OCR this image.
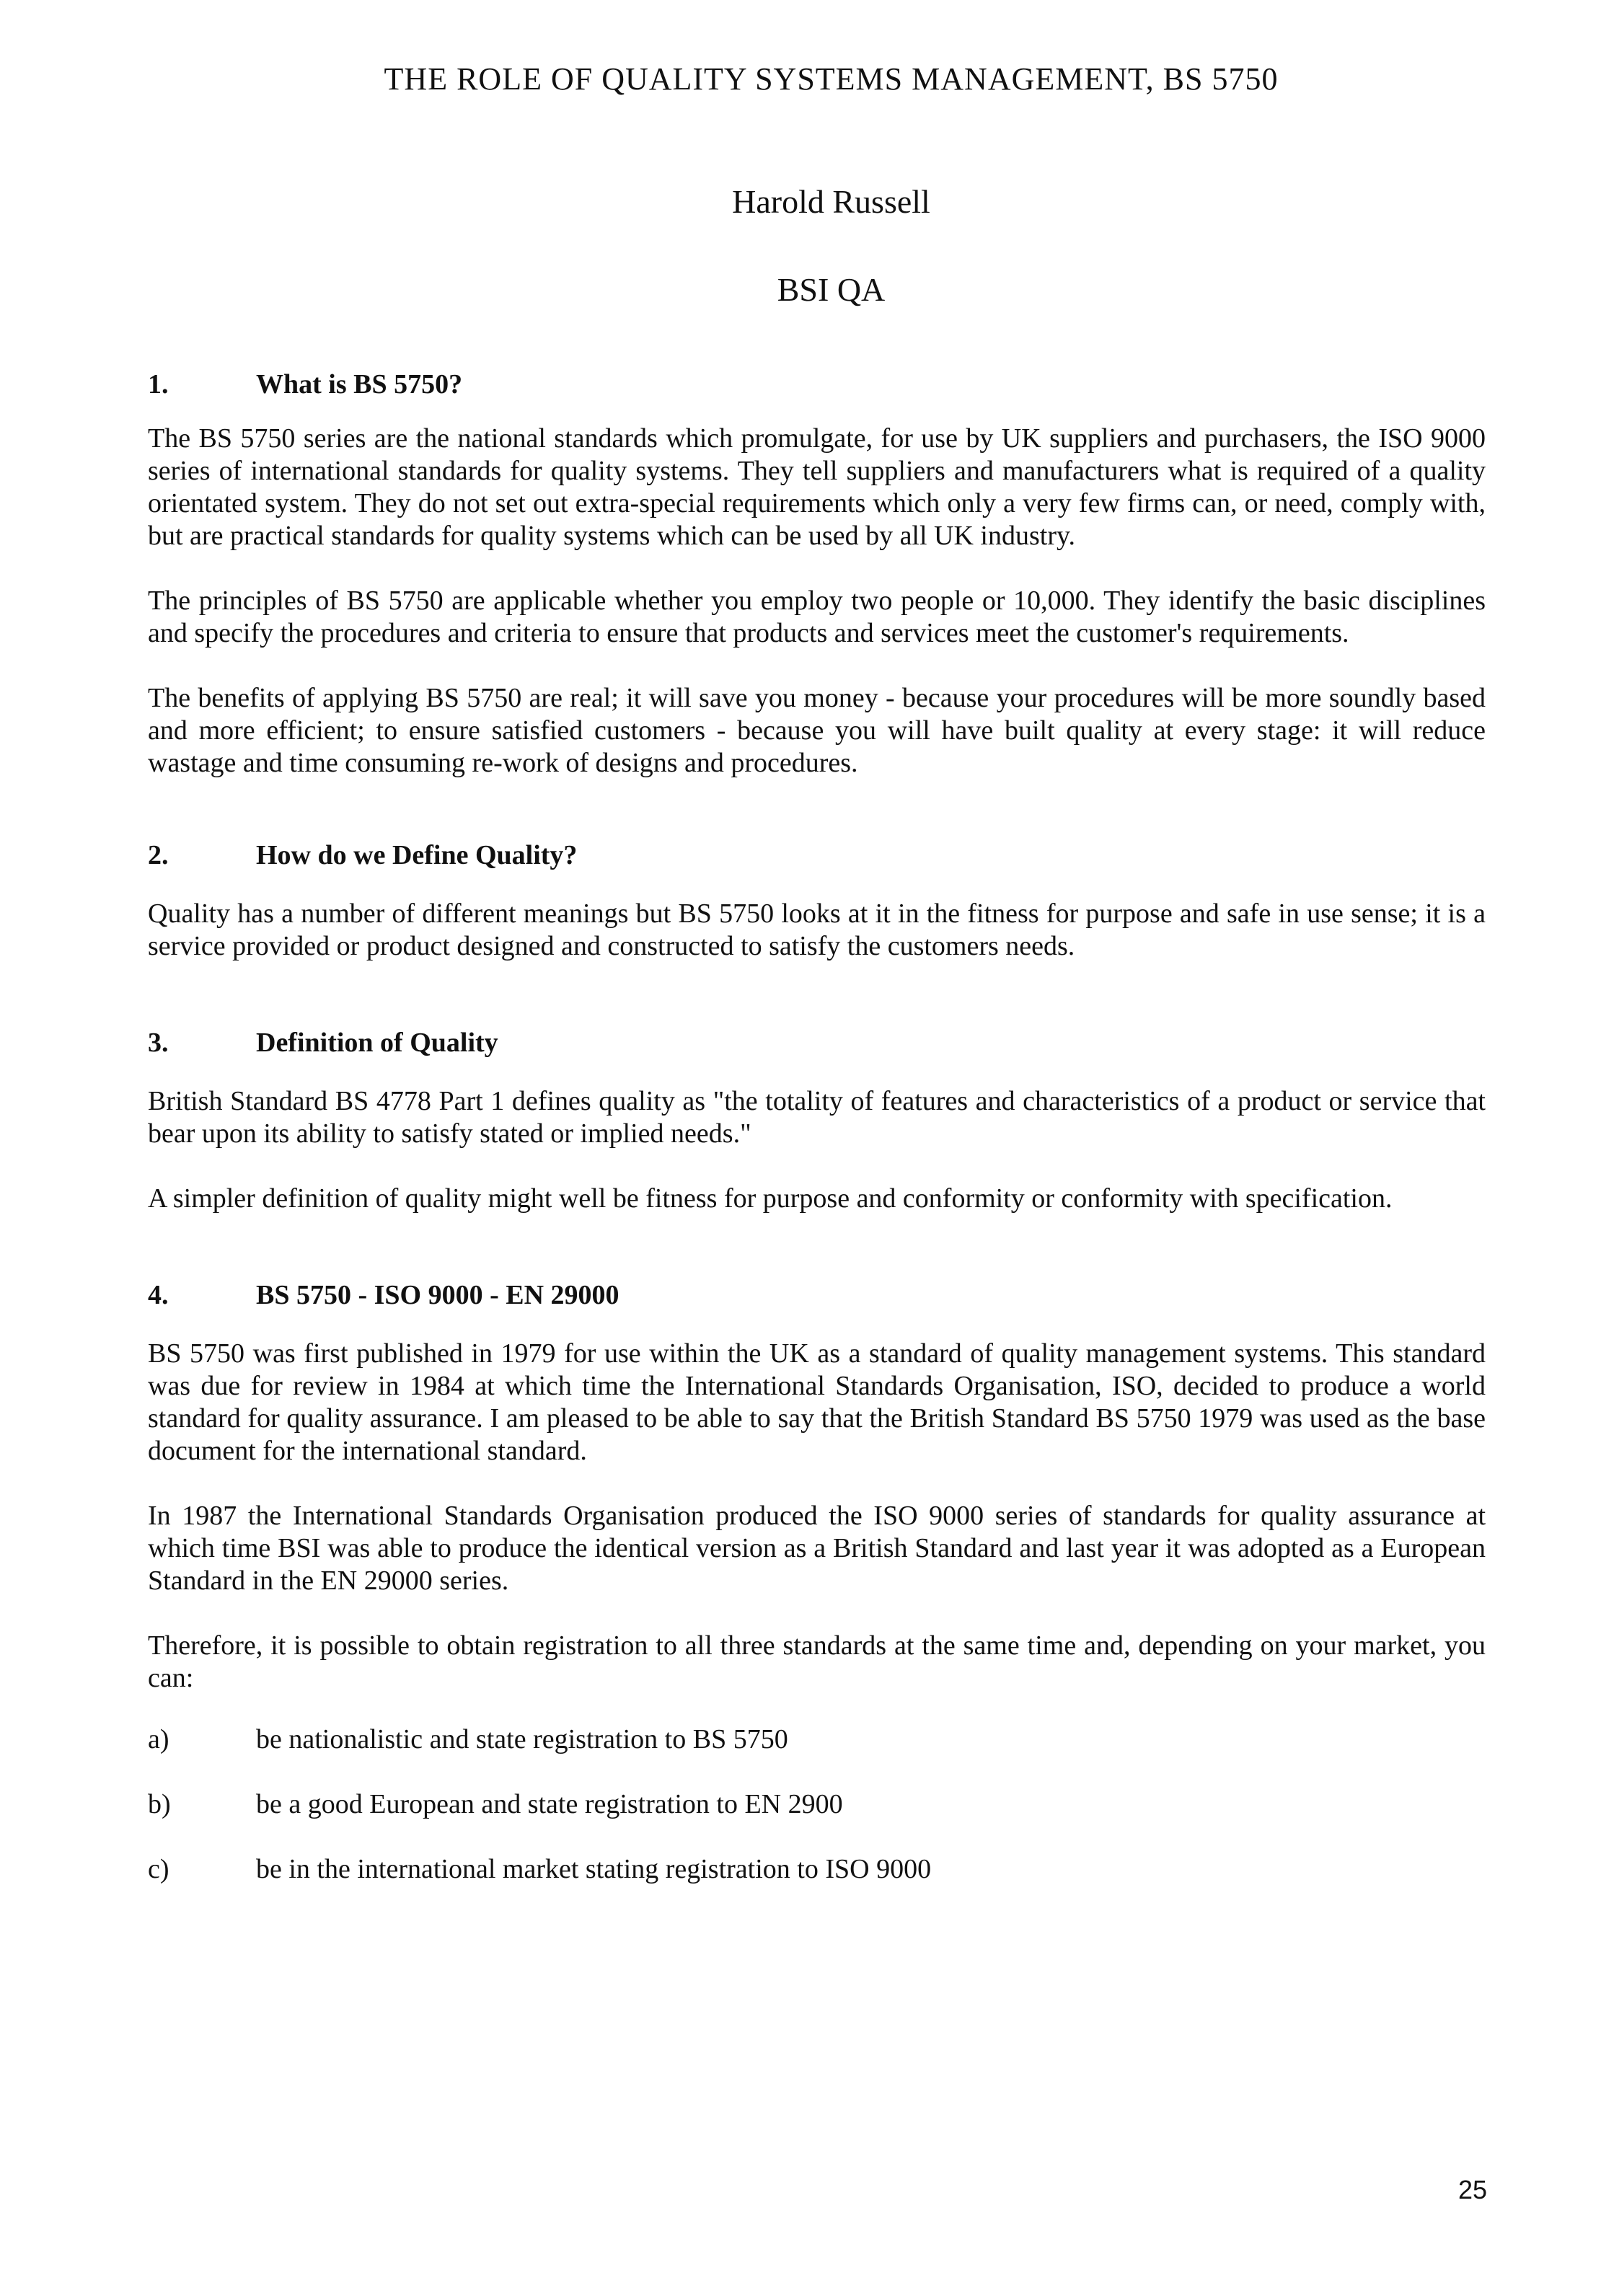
THE ROLE OF QUALITY SYSTEMS MANAGEMENT, BS 5750
Harold Russell
BSI QA
1.	What is BS 5750?

The BS 5750 series are the national standards which promulgate, for use by UK suppliers and purchasers, the ISO 9000 series of international standards for quality systems. They tell suppliers and manufacturers what is required of a quality orientated system. They do not set out extra-special requirements which only a very few firms can, or need, comply with, but are practical standards for quality systems which can be used by all UK industry.

The principles of BS 5750 are applicable whether you employ two people or 10,000. They identify the basic disciplines and specify the procedures and criteria to ensure that products and services meet the customer's requirements.

The benefits of applying BS 5750 are real; it will save you money - because your procedures will be more soundly based and more efficient; to ensure satisfied customers - because you will have built quality at every stage: it will reduce wastage and time consuming re-work of designs and procedures.

2.	How do we Define Quality?

Quality has a number of different meanings but BS 5750 looks at it in the fitness for purpose and safe in use sense; it is a service provided or product designed and constructed to satisfy the customers needs.

3.	Definition of Quality

British Standard BS 4778 Part 1 defines quality as "the totality of features and characteristics of a product or service that bear upon its ability to satisfy stated or implied needs."

A simpler definition of quality might well be fitness for purpose and conformity or conformity with specification.

4.	BS 5750 - ISO 9000 - EN 29000

BS 5750 was first published in 1979 for use within the UK as a standard of quality management systems. This standard was due for review in 1984 at which time the International Standards Organisation, ISO, decided to produce a world standard for quality assurance. I am pleased to be able to say that the British Standard BS 5750 1979 was used as the base document for the international standard.

In 1987 the International Standards Organisation produced the ISO 9000 series of standards for quality assurance at which time BSI was able to produce the identical version as a British Standard and last year it was adopted as a European Standard in the EN 29000 series.

Therefore, it is possible to obtain registration to all three standards at the same time and, depending on your market, you can:

a)	be nationalistic and state registration to BS 5750
b)	be a good European and state registration to EN 2900
c)	be in the international market stating registration to ISO 9000
25
